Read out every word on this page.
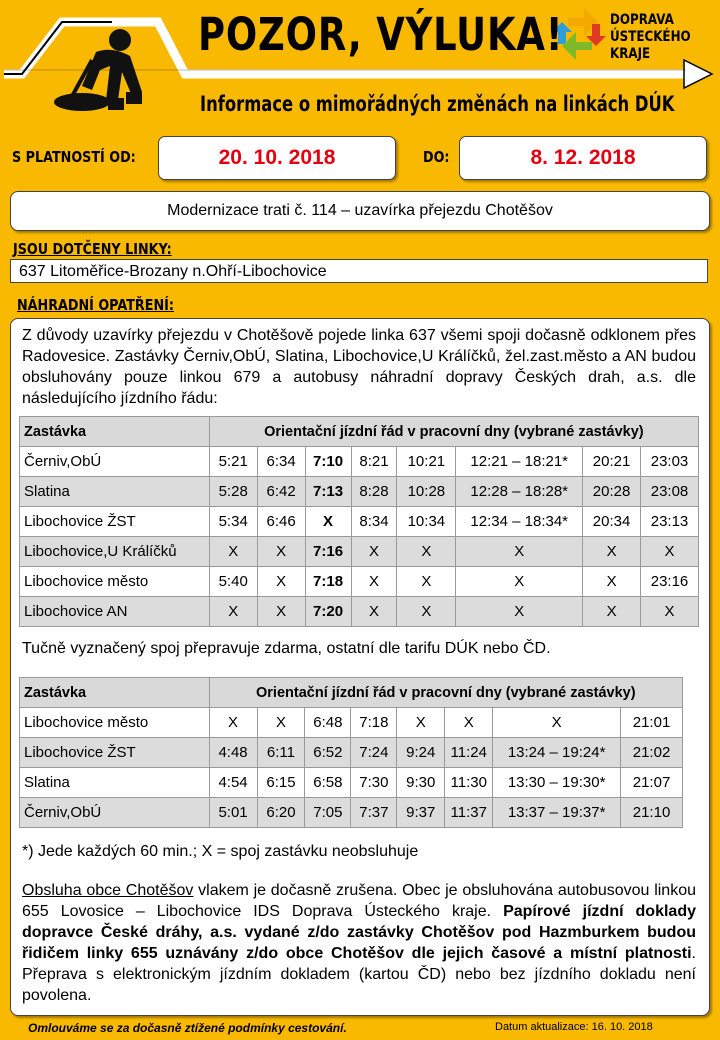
POZOR, VÝLUKA!
Informace o mimořádných změnách na linkách DÚK
DOPRAVA
ÚSTECKÉHO
KRAJE
S PLATNOSTÍ OD:	20. 10. 2018	DO:	8. 12. 2018
Modernizace trati č. 114 – uzavírka přejezdu Chotěšov
JSOU DOTČENY LINKY:
637 Litoměřice-Brozany n.Ohří-Libochovice
NÁHRADNÍ OPATŘENÍ:
Z důvody uzavírky přejezdu v Chotěšově pojede linka 637 všemi spoji dočasně odklonem přes Radovesice. Zastávky Černiv,ObÚ, Slatina, Libochovice,U Králíčků, žel.zast.město a AN budou obsluhovány pouze linkou 679 a autobusy náhradní dopravy Českých drah, a.s. dle následujícího jízdního řádu:
Zastávka	Orientační jízdní řád v pracovní dny (vybrané zastávky)							
Černiv,ObÚ	5:21	6:34	7:10	8:21	10:21	12:21 – 18:21*	20:21	23:03
Slatina	5:28	6:42	7:13	8:28	10:28	12:28 – 18:28*	20:28	23:08
Libochovice ŽST	5:34	6:46	X	8:34	10:34	12:34 – 18:34*	20:34	23:13
Libochovice,U Králíčků	X	X	7:16	X	X	X	X	X
Libochovice město	5:40	X	7:18	X	X	X	X	23:16
Libochovice AN	X	X	7:20	X	X	X	X	X
Tučně vyznačený spoj přepravuje zdarma, ostatní dle tarifu DÚK nebo ČD.
Zastávka	Orientační jízdní řád v pracovní dny (vybrané zastávky)							
Libochovice město	X	X	6:48	7:18	X	X	X	21:01
Libochovice ŽST	4:48	6:11	6:52	7:24	9:24	11:24	13:24 – 19:24*	21:02
Slatina	4:54	6:15	6:58	7:30	9:30	11:30	13:30 – 19:30*	21:07
Černiv,ObÚ	5:01	6:20	7:05	7:37	9:37	11:37	13:37 – 19:37*	21:10
*) Jede každých 60 min.; X = spoj zastávku neobsluhuje
Obsluha obce Chotěšov vlakem je dočasně zrušena. Obec je obsluhována autobusovou linkou 655 Lovosice – Libochovice IDS Doprava Ústeckého kraje. Papírové jízdní doklady dopravce České dráhy, a.s. vydané z/do zastávky Chotěšov pod Hazmburkem budou řidičem linky 655 uznávány z/do obce Chotěšov dle jejich časové a místní platnosti. Přeprava s elektronickým jízdním dokladem (kartou ČD) nebo bez jízdního dokladu není povolena.
Omlouváme se za dočasně ztížené podmínky cestování.	Datum aktualizace: 16. 10. 2018
